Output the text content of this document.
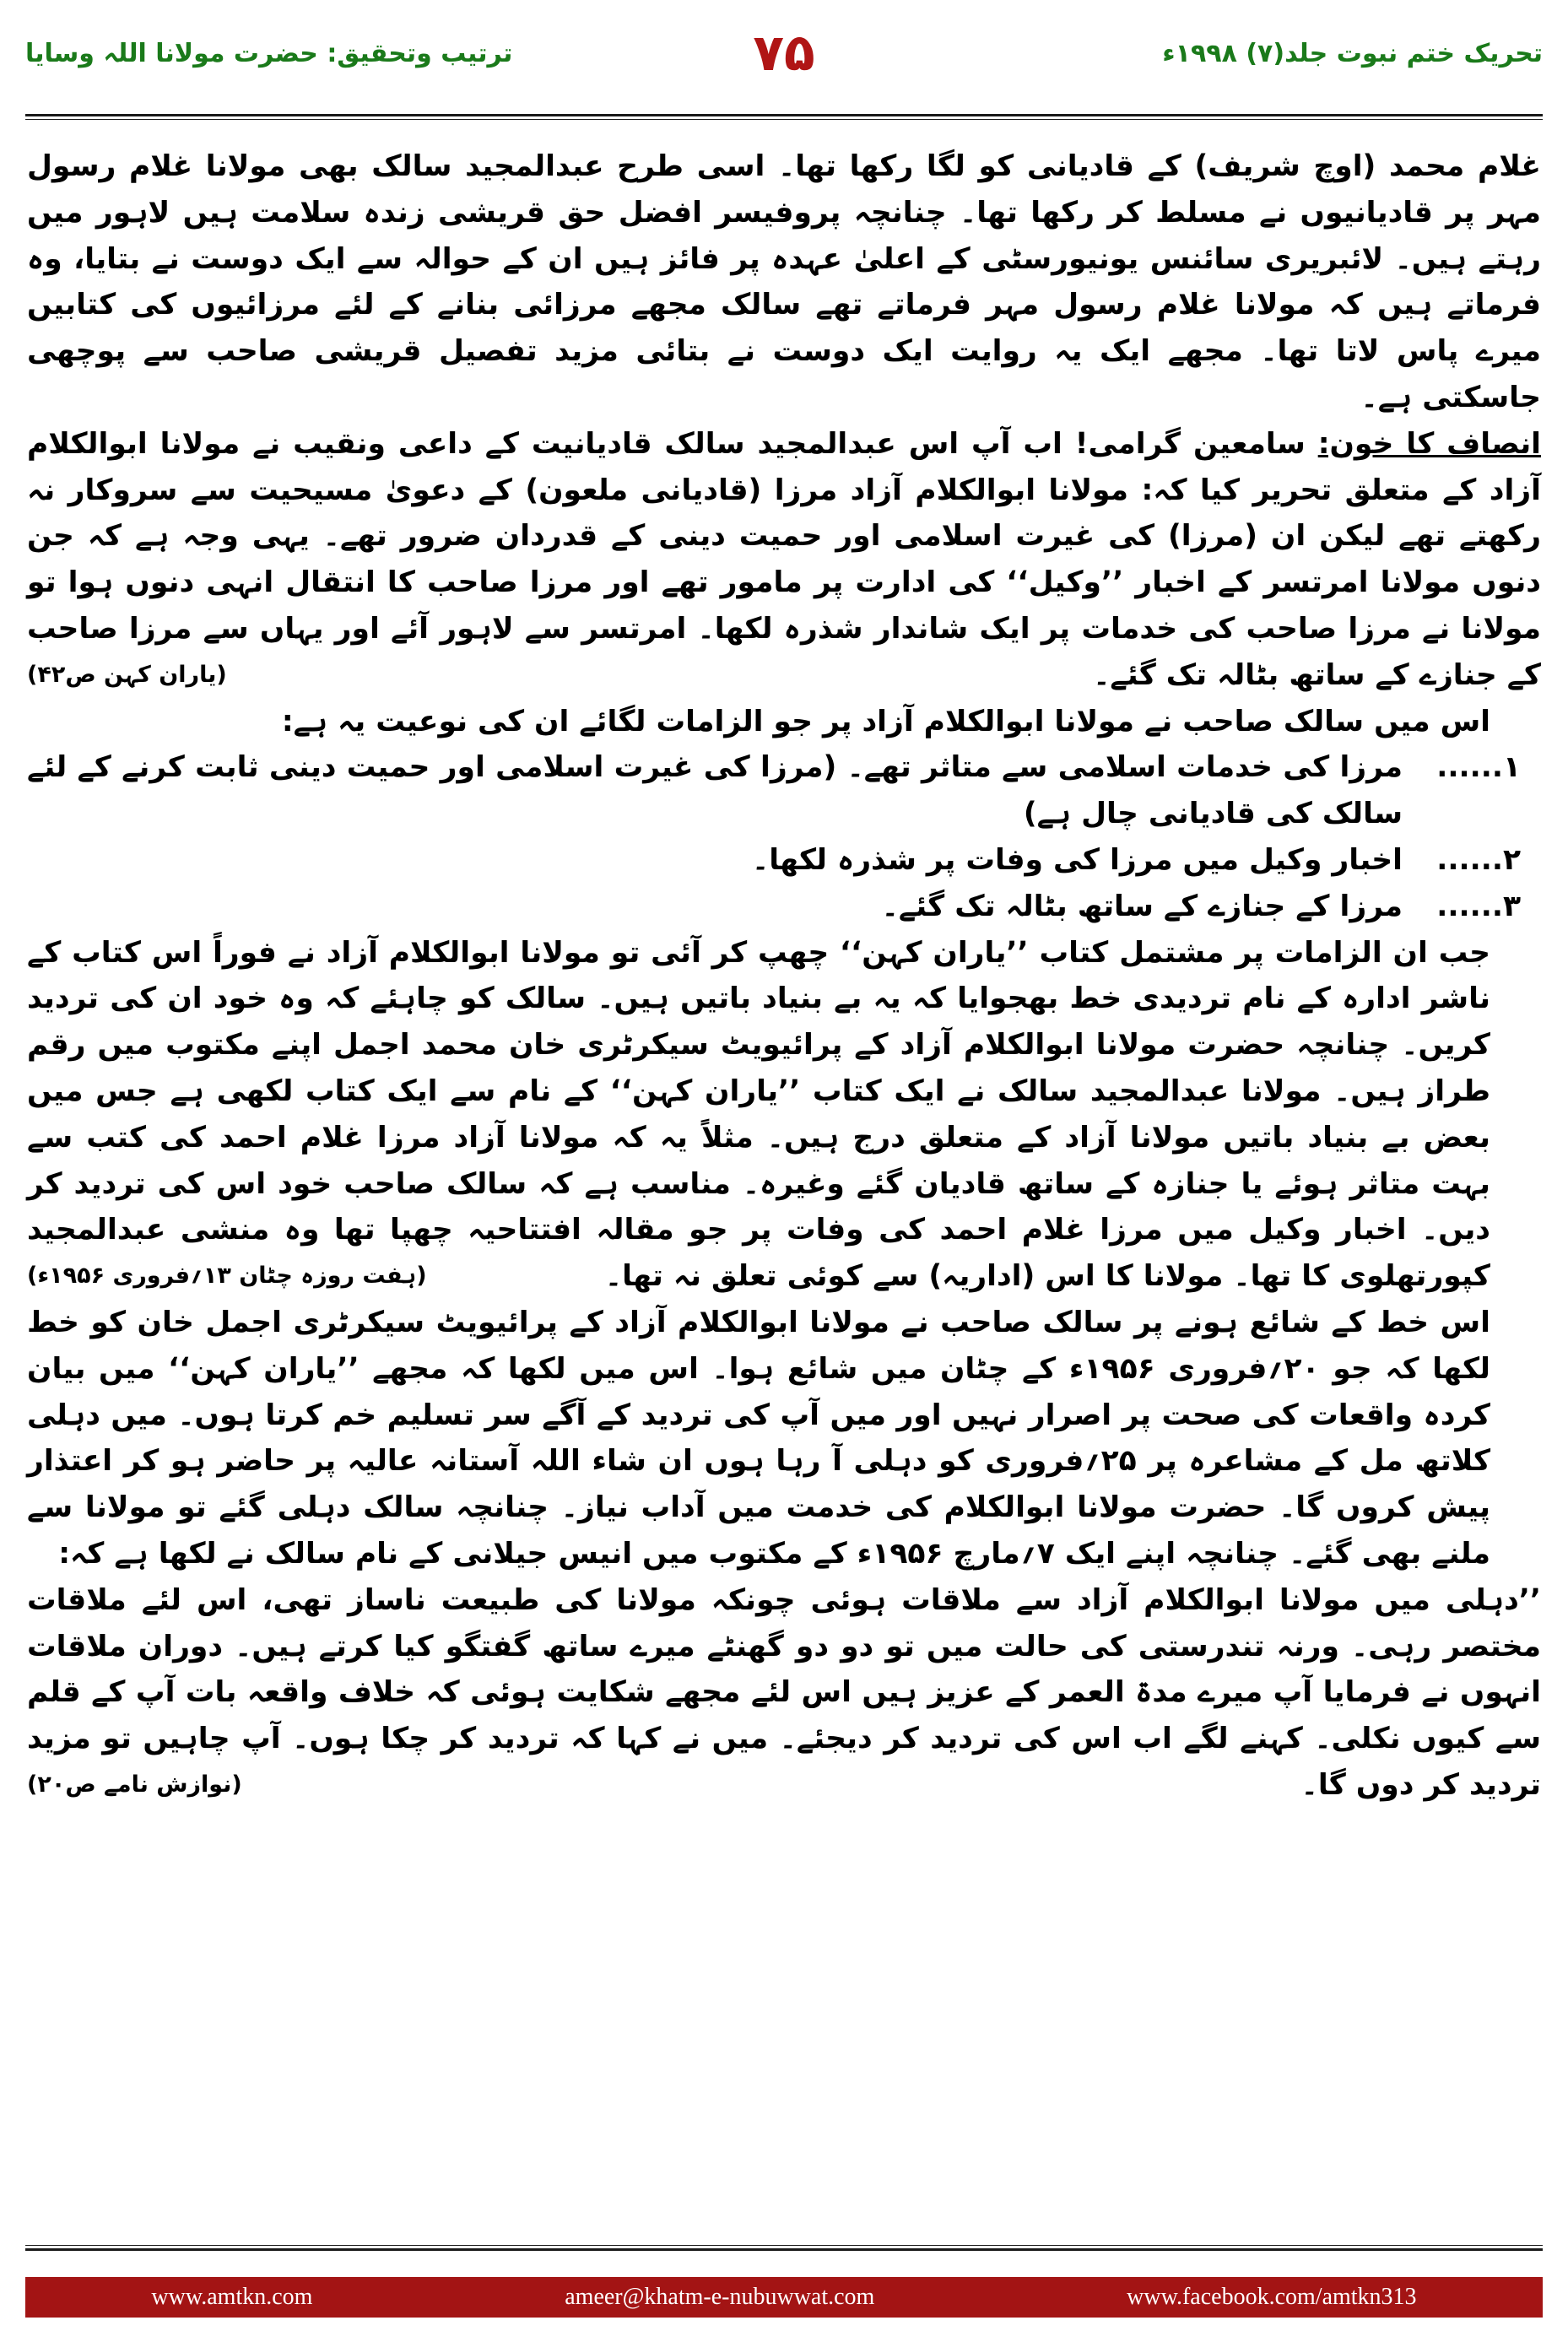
تحریک ختم نبوت جلد(۷) ۱۹۹۸ء
۷۵
ترتیب وتحقیق: حضرت مولانا اللہ وسایا

غلام محمد (اوچ شریف) کے قادیانی کو لگا رکھا تھا۔ اسی طرح عبدالمجید سالک بھی مولانا غلام رسول مہر پر قادیانیوں نے مسلط کر رکھا تھا۔ چنانچہ پروفیسر افضل حق قریشی زندہ سلامت ہیں لاہور میں رہتے ہیں۔ لائبریری سائنس یونیورسٹی کے اعلیٰ عہدہ پر فائز ہیں ان کے حوالہ سے ایک دوست نے بتایا، وہ فرماتے ہیں کہ مولانا غلام رسول مہر فرماتے تھے سالک مجھے مرزائی بنانے کے لئے مرزائیوں کی کتابیں میرے پاس لاتا تھا۔ مجھے ایک یہ روایت ایک دوست نے بتائی مزید تفصیل قریشی صاحب سے پوچھی جاسکتی ہے۔

انصاف کا خون: سامعین گرامی! اب آپ اس عبدالمجید سالک قادیانیت کے داعی ونقیب نے مولانا ابوالکلام آزاد کے متعلق تحریر کیا کہ: مولانا ابوالکلام آزاد مرزا (قادیانی ملعون) کے دعویٰ مسیحیت سے سروکار نہ رکھتے تھے لیکن ان (مرزا) کی غیرت اسلامی اور حمیت دینی کے قدردان ضرور تھے۔ یہی وجہ ہے کہ جن دنوں مولانا امرتسر کے اخبار ’’وکیل‘‘ کی ادارت پر مامور تھے اور مرزا صاحب کا انتقال انہی دنوں ہوا تو مولانا نے مرزا صاحب کی خدمات پر ایک شاندار شذرہ لکھا۔ امرتسر سے لاہور آئے اور یہاں سے مرزا صاحب کے جنازے کے ساتھ بٹالہ تک گئے۔
(یاران کہن ص۴۲)

اس میں سالک صاحب نے مولانا ابوالکلام آزاد پر جو الزامات لگائے ان کی نوعیت یہ ہے:

۱......
مرزا کی خدمات اسلامی سے متاثر تھے۔ (مرزا کی غیرت اسلامی اور حمیت دینی ثابت کرنے کے لئے سالک کی قادیانی چال ہے)
۲......
اخبار وکیل میں مرزا کی وفات پر شذرہ لکھا۔
۳......
مرزا کے جنازے کے ساتھ بٹالہ تک گئے۔

جب ان الزامات پر مشتمل کتاب ’’یاران کہن‘‘ چھپ کر آئی تو مولانا ابوالکلام آزاد نے فوراً اس کتاب کے ناشر ادارہ کے نام تردیدی خط بھجوایا کہ یہ بے بنیاد باتیں ہیں۔ سالک کو چاہئے کہ وہ خود ان کی تردید کریں۔ چنانچہ حضرت مولانا ابوالکلام آزاد کے پرائیویٹ سیکرٹری خان محمد اجمل اپنے مکتوب میں رقم طراز ہیں۔ مولانا عبدالمجید سالک نے ایک کتاب ’’یاران کہن‘‘ کے نام سے ایک کتاب لکھی ہے جس میں بعض بے بنیاد باتیں مولانا آزاد کے متعلق درج ہیں۔ مثلاً یہ کہ مولانا آزاد مرزا غلام احمد کی کتب سے بہت متاثر ہوئے یا جنازہ کے ساتھ قادیان گئے وغیرہ۔ مناسب ہے کہ سالک صاحب خود اس کی تردید کر دیں۔ اخبار وکیل میں مرزا غلام احمد کی وفات پر جو مقالہ افتتاحیہ چھپا تھا وہ منشی عبدالمجید کپورتھلوی کا تھا۔ مولانا کا اس (اداریہ) سے کوئی تعلق نہ تھا۔
(ہفت روزہ چٹان ۱۳؍فروری ۱۹۵۶ء)

اس خط کے شائع ہونے پر سالک صاحب نے مولانا ابوالکلام آزاد کے پرائیویٹ سیکرٹری اجمل خان کو خط لکھا کہ جو ۲۰؍فروری ۱۹۵۶ء کے چٹان میں شائع ہوا۔ اس میں لکھا کہ مجھے ’’یاران کہن‘‘ میں بیان کردہ واقعات کی صحت پر اصرار نہیں اور میں آپ کی تردید کے آگے سر تسلیم خم کرتا ہوں۔ میں دہلی کلاتھ مل کے مشاعرہ پر ۲۵؍فروری کو دہلی آ رہا ہوں ان شاء اللہ آستانہ عالیہ پر حاضر ہو کر اعتذار پیش کروں گا۔ حضرت مولانا ابوالکلام کی خدمت میں آداب نیاز۔ چنانچہ سالک دہلی گئے تو مولانا سے ملنے بھی گئے۔ چنانچہ اپنے ایک ۷؍مارچ ۱۹۵۶ء کے مکتوب میں انیس جیلانی کے نام سالک نے لکھا ہے کہ:

’’دہلی میں مولانا ابوالکلام آزاد سے ملاقات ہوئی چونکہ مولانا کی طبیعت ناساز تھی، اس لئے ملاقات مختصر رہی۔ ورنہ تندرستی کی حالت میں تو دو دو گھنٹے میرے ساتھ گفتگو کیا کرتے ہیں۔ دوران ملاقات انہوں نے فرمایا آپ میرے مدۃ العمر کے عزیز ہیں اس لئے مجھے شکایت ہوئی کہ خلاف واقعہ بات آپ کے قلم سے کیوں نکلی۔ کہنے لگے اب اس کی تردید کر دیجئے۔ میں نے کہا کہ تردید کر چکا ہوں۔ آپ چاہیں تو مزید تردید کر دوں گا۔
(نوازش نامے ص۲۰)

www.amtkn.com	ameer@khatm-e-nubuwwat.com	www.facebook.com/amtkn313
